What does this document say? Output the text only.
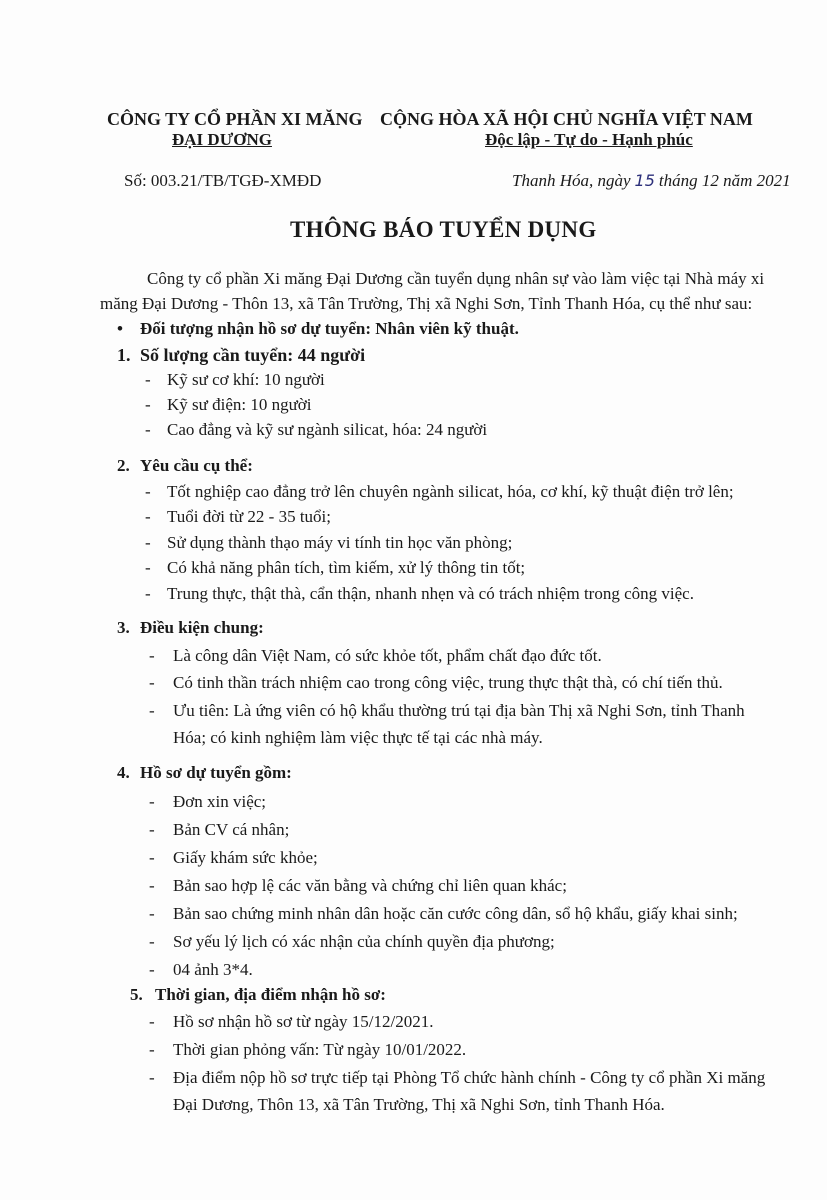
CÔNG TY CỔ PHẦN XI MĂNG
ĐẠI DƯƠNG
CỘNG HÒA XÃ HỘI CHỦ NGHĨA VIỆT NAM
Độc lập - Tự do - Hạnh phúc
Số: 003.21/TB/TGĐ-XMĐD	Thanh Hóa, ngày 15 tháng 12 năm 2021
THÔNG BÁO TUYỂN DỤNG
Công ty cổ phần Xi măng Đại Dương cần tuyển dụng nhân sự vào làm việc tại Nhà máy xi
măng Đại Dương - Thôn 13, xã Tân Trường, Thị xã Nghi Sơn, Tỉnh Thanh Hóa, cụ thể như sau:
• Đối tượng nhận hồ sơ dự tuyển: Nhân viên kỹ thuật.
1. Số lượng cần tuyển: 44 người
- Kỹ sư cơ khí: 10 người
- Kỹ sư điện: 10 người
- Cao đẳng và kỹ sư ngành silicat, hóa: 24 người
2. Yêu cầu cụ thể:
- Tốt nghiệp cao đẳng trở lên chuyên ngành silicat, hóa, cơ khí, kỹ thuật điện trở lên;
- Tuổi đời từ 22 - 35 tuổi;
- Sử dụng thành thạo máy vi tính tin học văn phòng;
- Có khả năng phân tích, tìm kiếm, xử lý thông tin tốt;
- Trung thực, thật thà, cẩn thận, nhanh nhẹn và có trách nhiệm trong công việc.
3. Điều kiện chung:
- Là công dân Việt Nam, có sức khỏe tốt, phẩm chất đạo đức tốt.
- Có tinh thần trách nhiệm cao trong công việc, trung thực thật thà, có chí tiến thủ.
- Ưu tiên: Là ứng viên có hộ khẩu thường trú tại địa bàn Thị xã Nghi Sơn, tỉnh Thanh
Hóa; có kinh nghiệm làm việc thực tế tại các nhà máy.
4. Hồ sơ dự tuyển gồm:
- Đơn xin việc;
- Bản CV cá nhân;
- Giấy khám sức khỏe;
- Bản sao hợp lệ các văn bằng và chứng chỉ liên quan khác;
- Bản sao chứng minh nhân dân hoặc căn cước công dân, sổ hộ khẩu, giấy khai sinh;
- Sơ yếu lý lịch có xác nhận của chính quyền địa phương;
- 04 ảnh 3*4.
5. Thời gian, địa điểm nhận hồ sơ:
- Hồ sơ nhận hồ sơ từ ngày 15/12/2021.
- Thời gian phỏng vấn: Từ ngày 10/01/2022.
- Địa điểm nộp hồ sơ trực tiếp tại Phòng Tổ chức hành chính - Công ty cổ phần Xi măng
Đại Dương, Thôn 13, xã Tân Trường, Thị xã Nghi Sơn, tỉnh Thanh Hóa.
